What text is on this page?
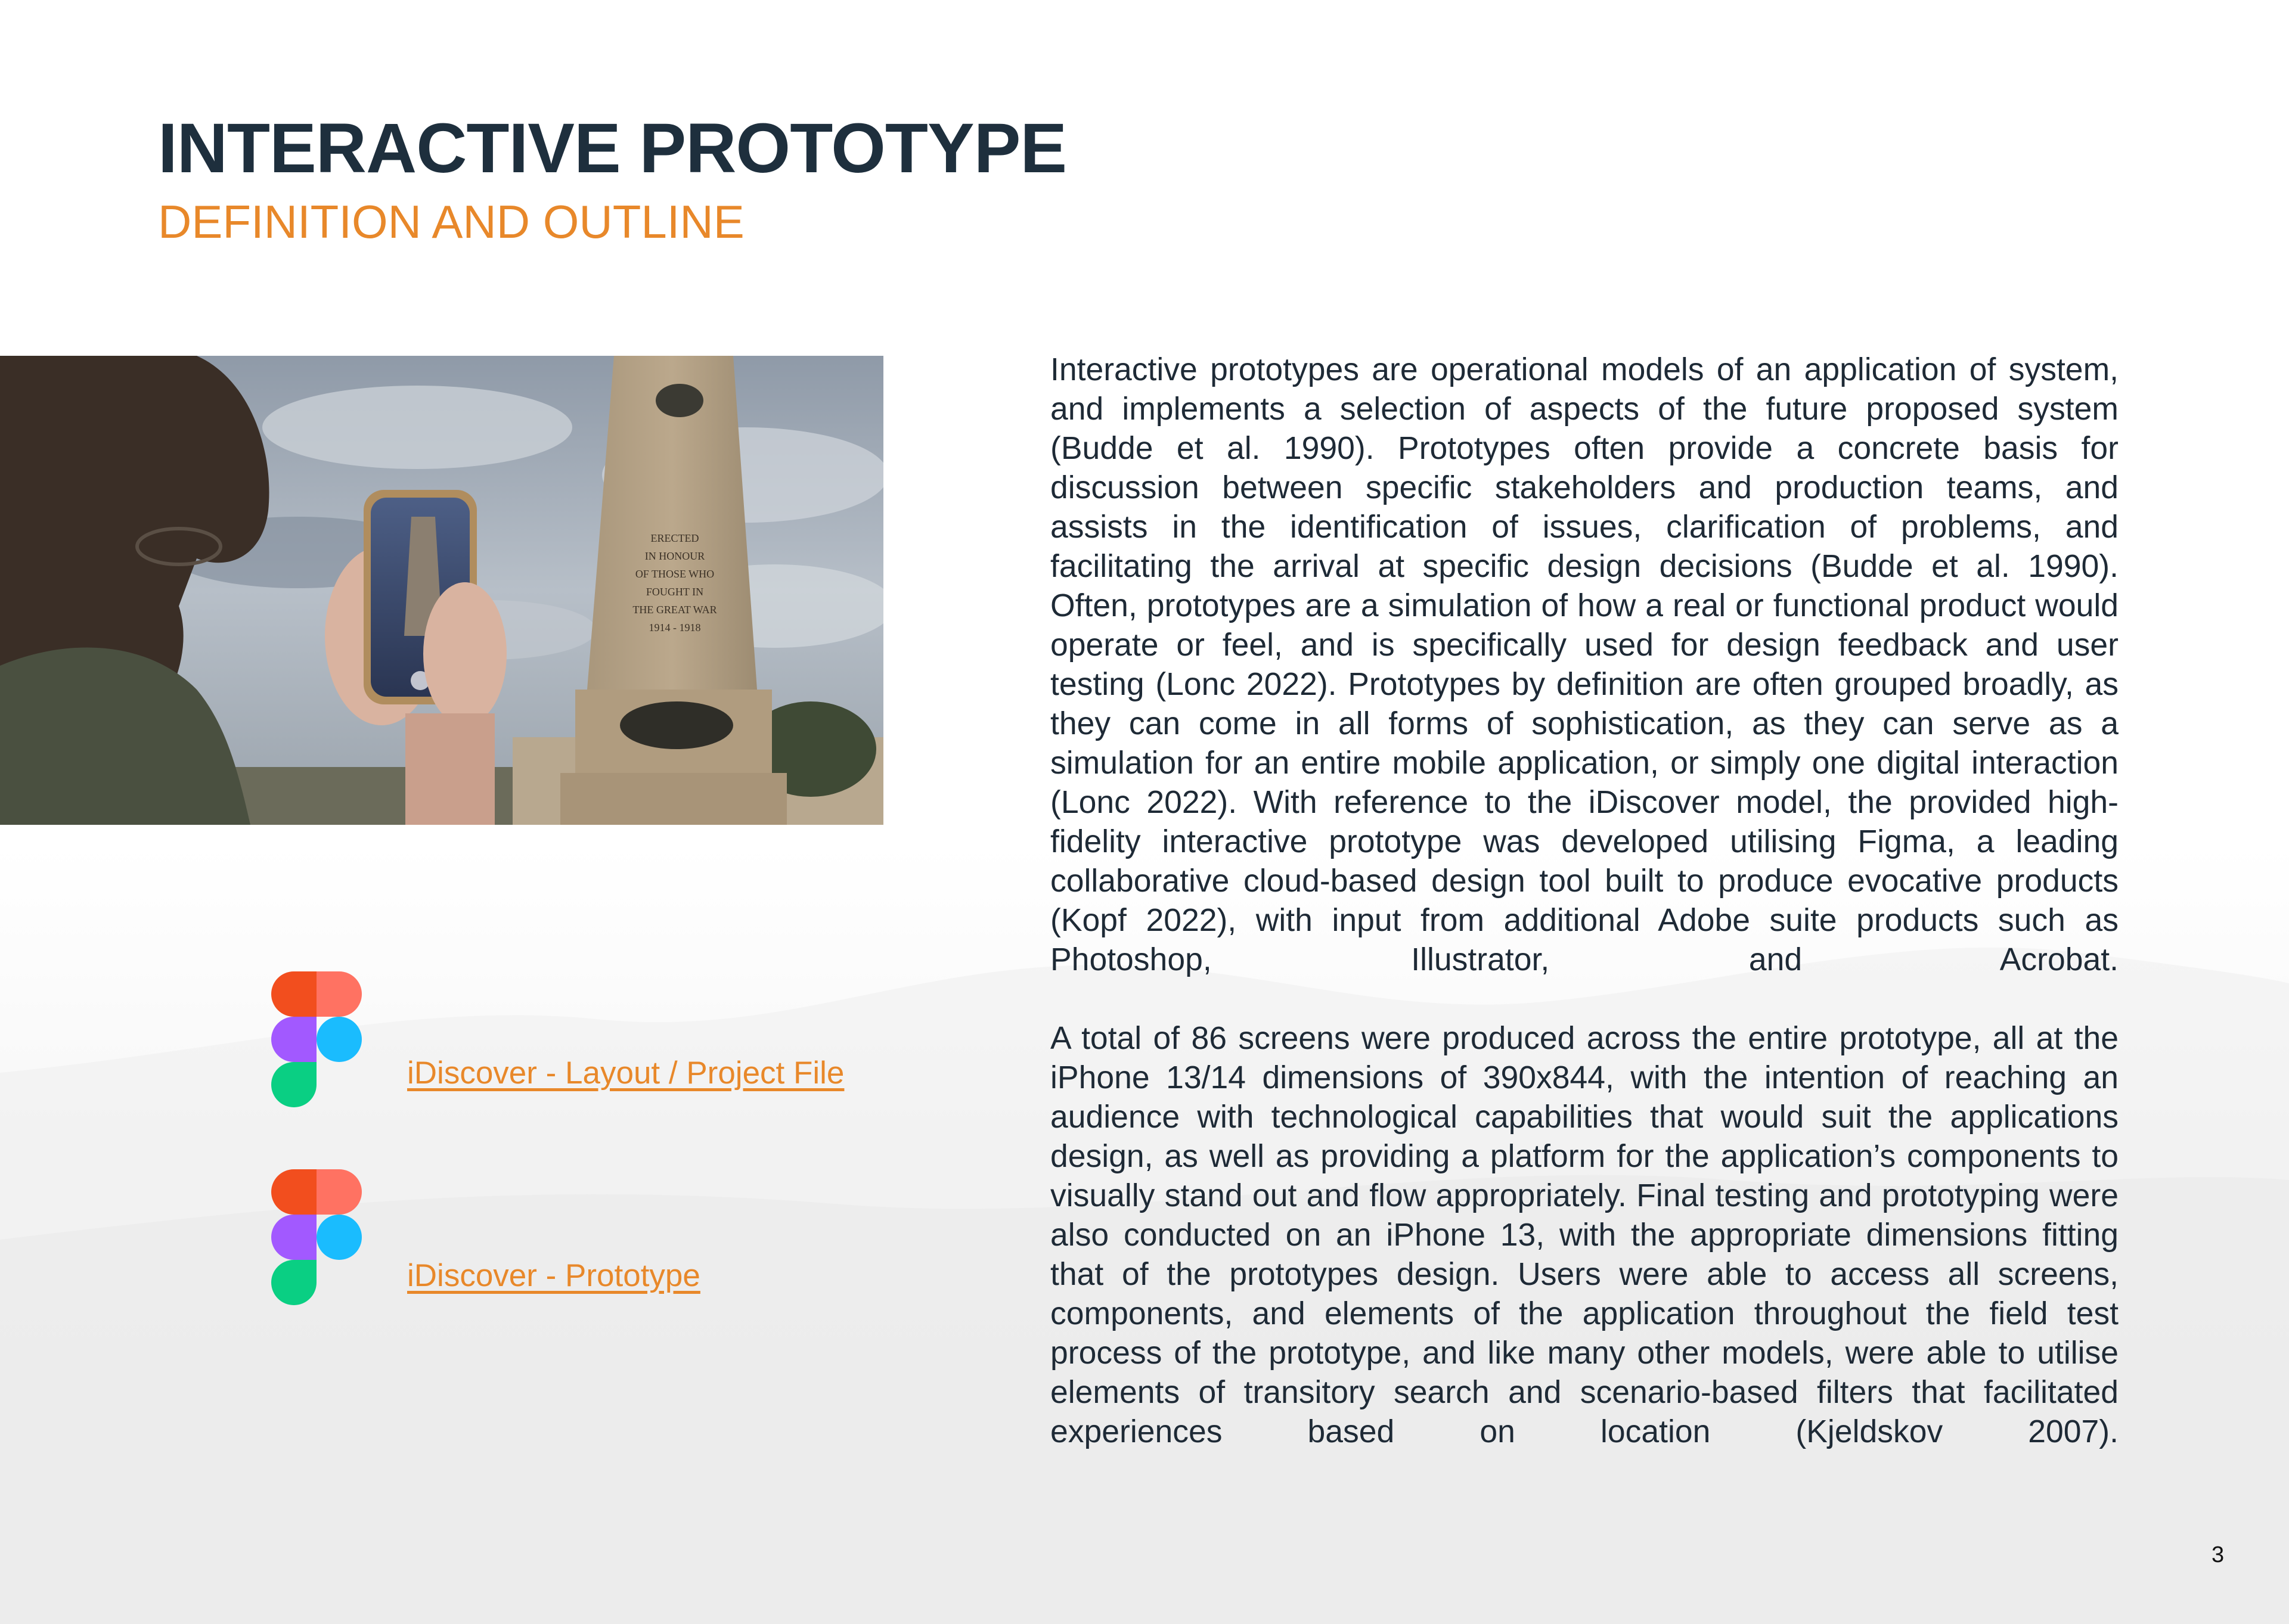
INTERACTIVE PROTOTYPE
DEFINITION AND OUTLINE
ERECTED
IN HONOUR
OF THOSE WHO
FOUGHT IN
THE GREAT WAR
1914 - 1918

Interactive prototypes are operational models of an application of system, and implements a selection of aspects of the future proposed system (Budde et al. 1990). Prototypes often provide a concrete basis for discussion between specific stakeholders and production teams, and assists in the identification of issues, clarification of problems, and facilitating the arrival at specific design decisions (Budde et al. 1990). Often, prototypes are a simulation of how a real or functional product would operate or feel, and is specifically used for design feedback and user testing (Lonc 2022). Prototypes by definition are often grouped broadly, as they can come in all forms of sophistication, as they can serve as a simulation for an entire mobile application, or simply one digital interaction (Lonc 2022). With reference to the iDiscover model, the provided high-fidelity interactive prototype was developed utilising Figma, a leading collaborative cloud-based design tool built to produce evocative products (Kopf 2022), with input from additional Adobe suite products such as Photoshop, Illustrator, and Acrobat.

A total of 86 screens were produced across the entire prototype, all at the iPhone 13/14 dimensions of 390x844, with the intention of reaching an audience with technological capabilities that would suit the applications design, as well as providing a platform for the application’s components to visually stand out and flow appropriately. Final testing and prototyping were also conducted on an iPhone 13, with the appropriate dimensions fitting that of the prototypes design. Users were able to access all screens, components, and elements of the application throughout the field test process of the prototype, and like many other models, were able to utilise elements of transitory search and scenario-based filters that facilitated experiences based on location (Kjeldskov 2007).

iDiscover - Layout / Project File
iDiscover - Prototype
3
